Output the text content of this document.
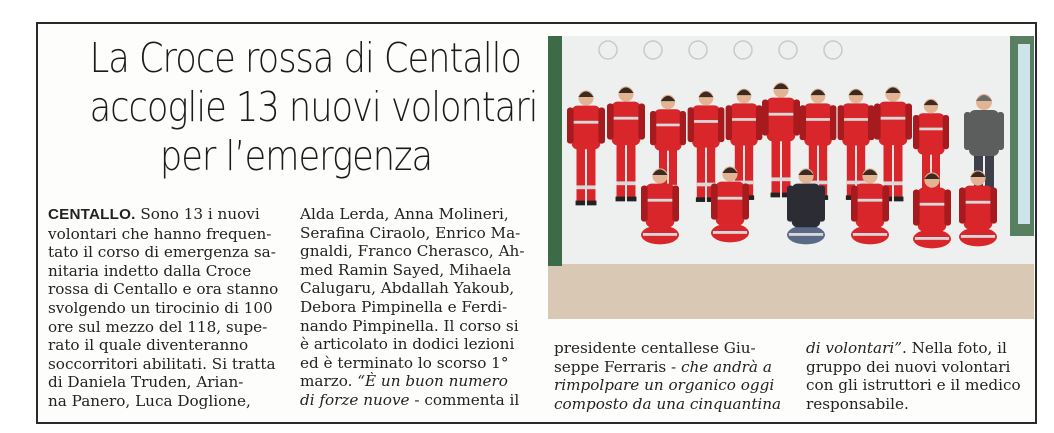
La Croce rossa di Centallo
accoglie 13 nuovi volontari
per l’emergenza
CENTALLO. Sono 13 i nuovi
volontari che hanno frequen-
tato il corso di emergenza sa-
nitaria indetto dalla Croce
rossa di Centallo e ora stanno
svolgendo un tirocinio di 100
ore sul mezzo del 118, supe-
rato il quale diventeranno
soccorritori abilitati. Si tratta
di Daniela Truden, Arian-
na Panero, Luca Doglione,
Alda Lerda, Anna Molineri,
Serafina Ciraolo, Enrico Ma-
gnaldi, Franco Cherasco, Ah-
med Ramin Sayed, Mihaela
Calugaru, Abdallah Yakoub,
Debora Pimpinella e Ferdi-
nando Pimpinella. Il corso si
è articolato in dodici lezioni
ed è terminato lo scorso 1°
marzo. “È un buon numero
di forze nuove - commenta il
presidente centallese Giu-
seppe Ferraris - che andrà a
rimpolpare un organico oggi
composto da una cinquantina
di volontari”. Nella foto, il
gruppo dei nuovi volontari
con gli istruttori e il medico
responsabile.
